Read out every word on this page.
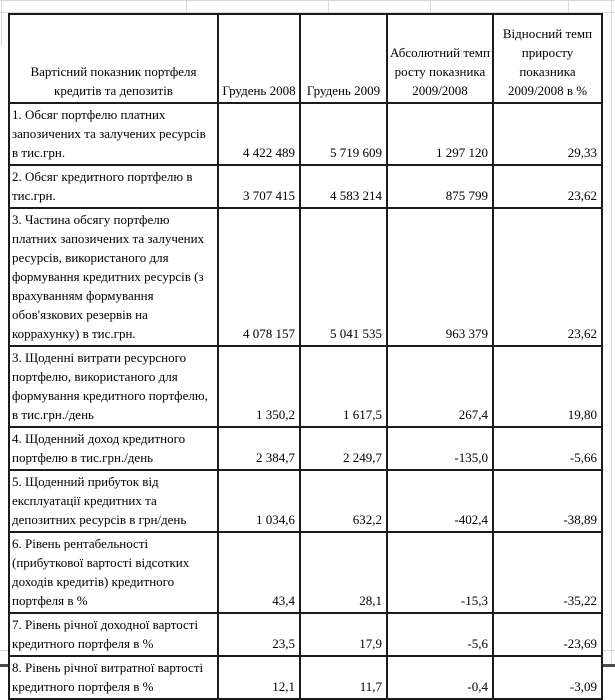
Вартісний показник портфеля кредитів та депозитів	Грудень 2008	Грудень 2009	Абсолютний темп росту показника 2009/2008	Відносний темп приросту показника 2009/2008 в %
1. Обсяг портфелю платних запозичених та залучених ресурсів в тис.грн.	4 422 489	5 719 609	1 297 120	29,33
2. Обсяг кредитного портфелю в тис.грн.	3 707 415	4 583 214	875 799	23,62
3. Частина обсягу портфелю платних запозичених та залучених ресурсів, використаного для формування кредитних ресурсів (з врахуванням формування обов'язкових резервів на коррахунку) в тис.грн.	4 078 157	5 041 535	963 379	23,62
3. Щоденні витрати ресурсного портфелю, використаного для формування кредитного портфелю, в тис.грн./день	1 350,2	1 617,5	267,4	19,80
4. Щоденний доход кредитного портфелю в тис.грн./день	2 384,7	2 249,7	-135,0	-5,66
5. Щоденний прибуток від експлуатації кредитних та депозитних ресурсів в грн/день	1 034,6	632,2	-402,4	-38,89
6. Рівень рентабельності (прибуткової вартості відсотких доходів кредитів) кредитного портфеля в %	43,4	28,1	-15,3	-35,22
7. Рівень річної доходної вартості кредитного портфеля в %	23,5	17,9	-5,6	-23,69
8. Рівень річної витратної вартості кредитного портфеля в %	12,1	11,7	-0,4	-3,09
